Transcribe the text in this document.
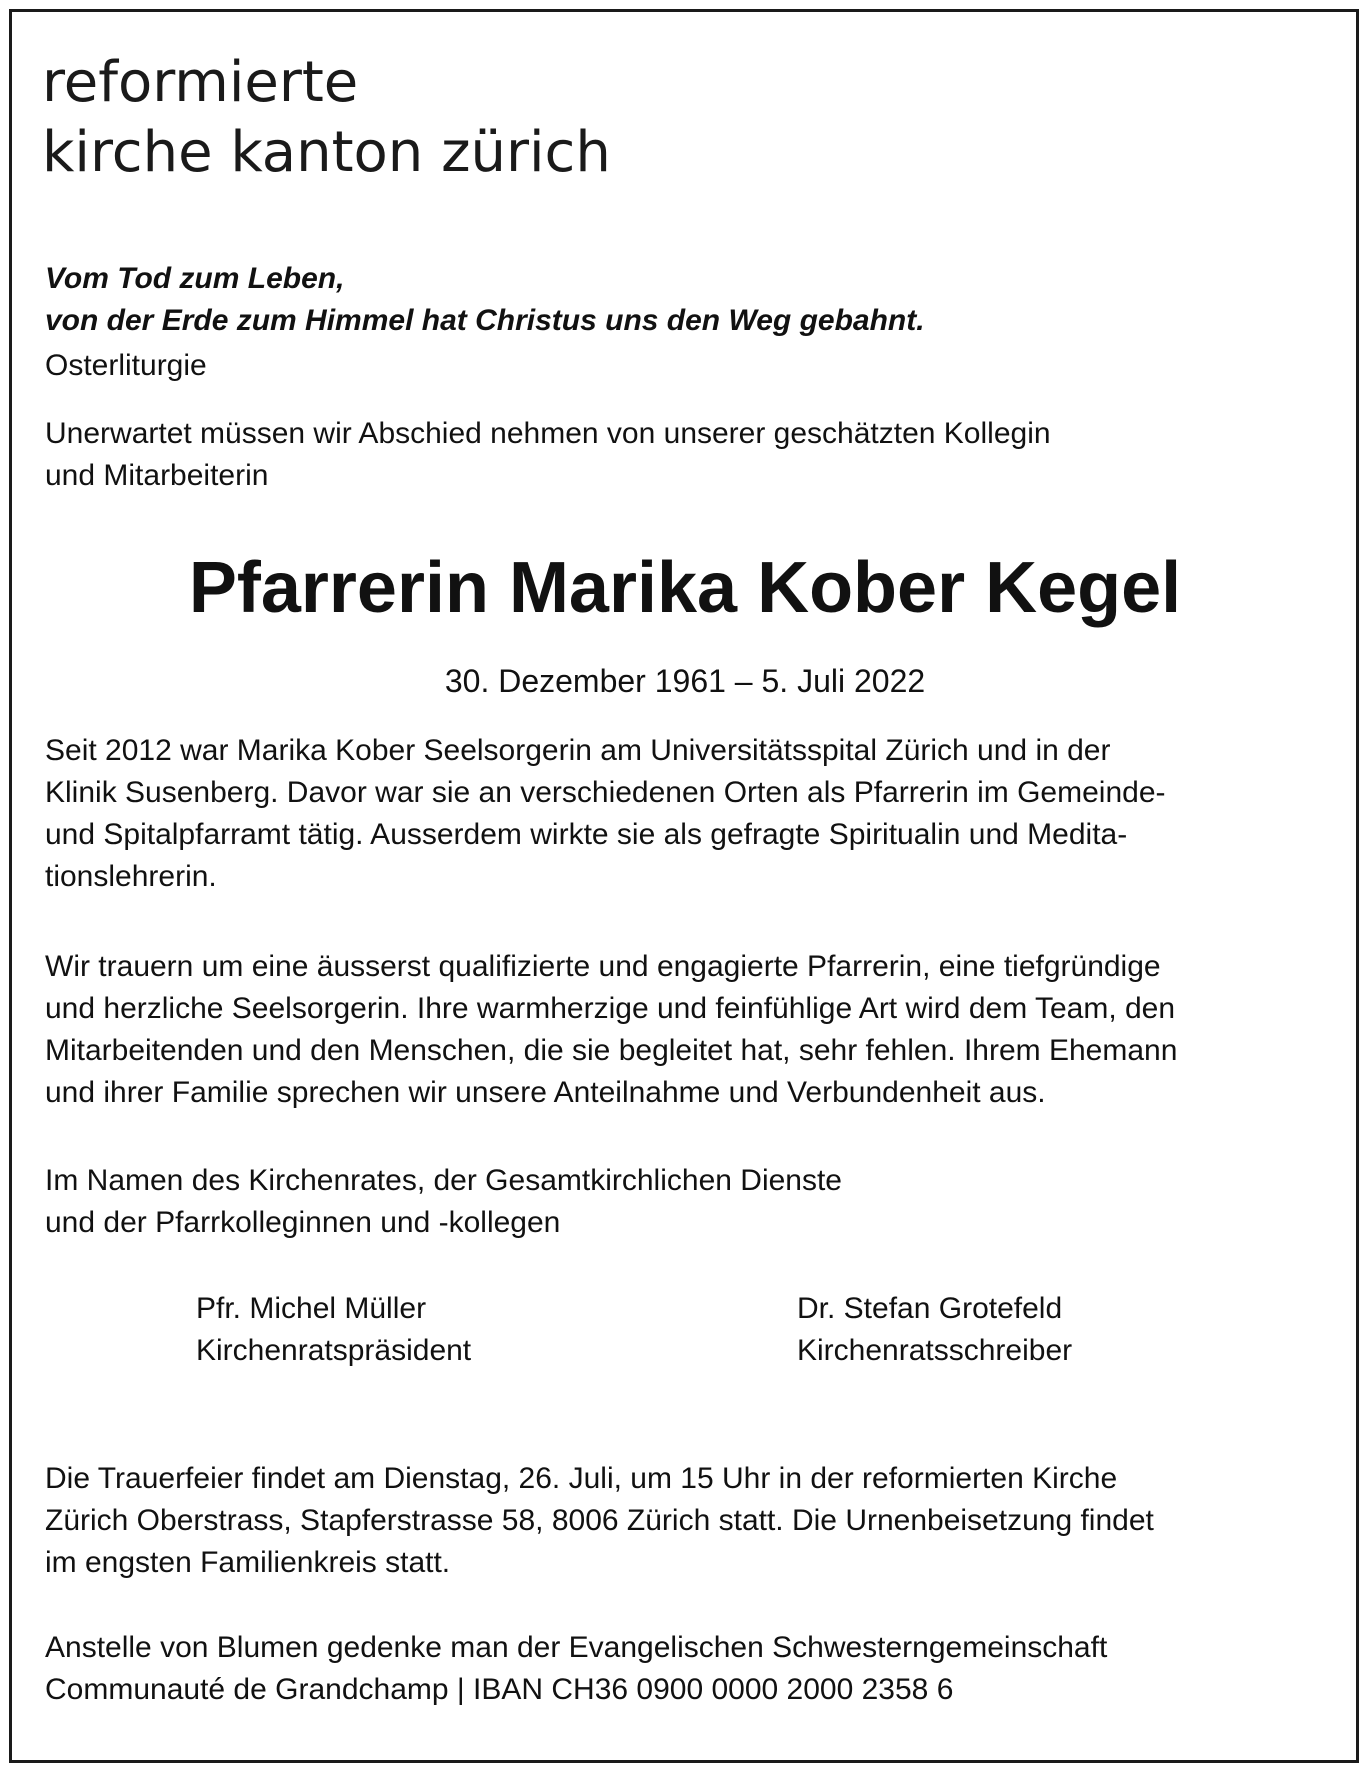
reformierte
kirche kanton zürich
Vom Tod zum Leben,
von der Erde zum Himmel hat Christus uns den Weg gebahnt.
Osterliturgie
Unerwartet müssen wir Abschied nehmen von unserer geschätzten Kollegin
und Mitarbeiterin
Pfarrerin Marika Kober Kegel
30. Dezember 1961 – 5. Juli 2022
Seit 2012 war Marika Kober Seelsorgerin am Universitätsspital Zürich und in der
Klinik Susenberg. Davor war sie an verschiedenen Orten als Pfarrerin im Gemeinde-
und Spitalpfarramt tätig. Ausserdem wirkte sie als gefragte Spiritualin und Medita-
tionslehrerin.
Wir trauern um eine äusserst qualifizierte und engagierte Pfarrerin, eine tiefgründige
und herzliche Seelsorgerin. Ihre warmherzige und feinfühlige Art wird dem Team, den
Mitarbeitenden und den Menschen, die sie begleitet hat, sehr fehlen. Ihrem Ehemann
und ihrer Familie sprechen wir unsere Anteilnahme und Verbundenheit aus.
Im Namen des Kirchenrates, der Gesamtkirchlichen Dienste
und der Pfarrkolleginnen und -kollegen
Pfr. Michel Müller
Kirchenratspräsident
Dr. Stefan Grotefeld
Kirchenratsschreiber
Die Trauerfeier findet am Dienstag, 26. Juli, um 15 Uhr in der reformierten Kirche
Zürich Oberstrass, Stapferstrasse 58, 8006 Zürich statt. Die Urnenbeisetzung findet
im engsten Familienkreis statt.
Anstelle von Blumen gedenke man der Evangelischen Schwesterngemeinschaft
Communauté de Grandchamp | IBAN CH36 0900 0000 2000 2358 6
